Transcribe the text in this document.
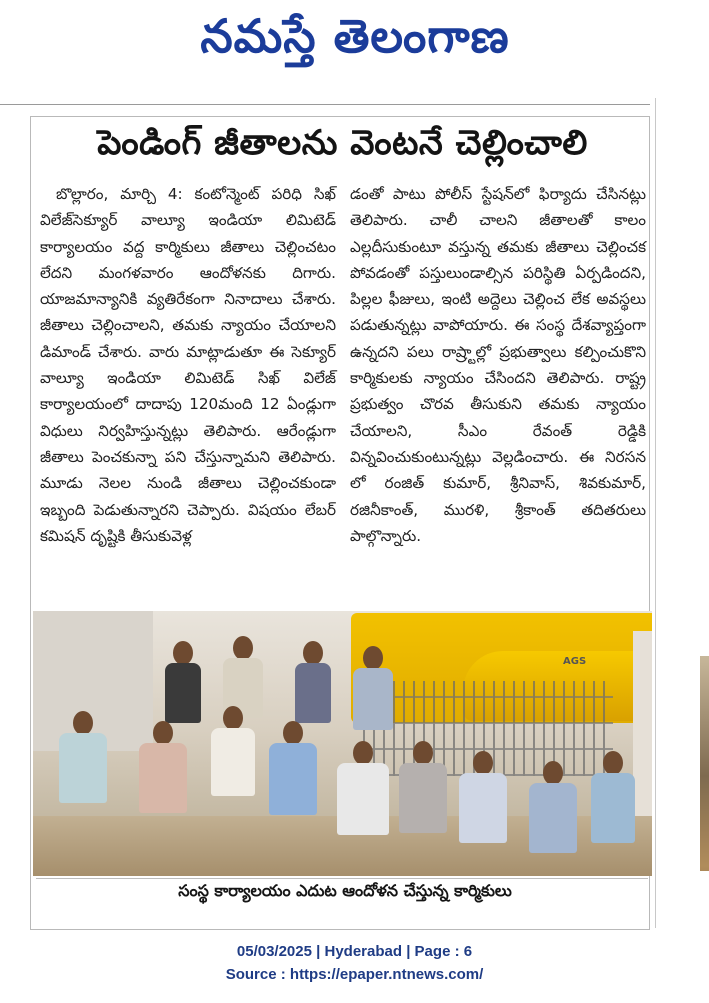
నమస్తే తెలంగాణ
పెండింగ్ జీతాలను వెంటనే చెల్లించాలి
బొల్లారం, మార్చి 4: కంటోన్మెంట్ పరిధి సిఖ్ విలేజ్‌సెక్యూర్ వాల్యూ ఇండియా లిమిటెడ్ కార్యాలయం వద్ద కార్మికులు జీతాలు చెల్లించటం లేదని మంగళవారం ఆందోళనకు దిగారు. యాజమాన్యానికి వ్యతిరేకంగా నినాదాలు చేశారు. జీతాలు చెల్లించాలని, తమకు న్యాయం చేయాలని డిమాండ్ చేశారు. వారు మాట్లాడుతూ ఈ సెక్యూర్ వాల్యూ ఇండియా లిమిటెడ్ సిఖ్ విలేజ్ కార్యాలయంలో దాదాపు 120మంది 12 ఏండ్లుగా విధులు నిర్వహిస్తున్నట్లు తెలిపారు. ఆరేండ్లుగా జీతాలు పెంచకున్నా పని చేస్తున్నామని తెలిపారు. మూడు నెలల నుండి జీతాలు చెల్లించకుండా ఇబ్బంది పెడుతున్నారని చెప్పారు. విషయం లేబర్ కమిషన్ దృష్టికి తీసుకువెళ్ల
డంతో పాటు పోలీస్ స్టేషన్‌లో ఫిర్యాదు చేసినట్లు తెలిపారు. చాలీ చాలని జీతాలతో కాలం ఎల్లదీసుకుంటూ వస్తున్న తమకు జీతాలు చెల్లించక పోవడంతో పస్తులుండాల్సిన పరిస్థితి ఏర్పడిందని, పిల్లల ఫీజులు, ఇంటి అద్దెలు చెల్లించ లేక అవస్థలు పడుతున్నట్లు వాపోయారు. ఈ సంస్థ దేశవ్యాప్తంగా ఉన్నదని పలు రాష్ర్టాల్లో ప్రభుత్వాలు కల్పించుకొని కార్మికులకు న్యాయం చేసిందని తెలిపారు. రాష్ట్ర ప్రభుత్వం చొరవ తీసుకుని తమకు న్యాయం చేయాలని, సీఎం రేవంత్ రెడ్డికి విన్నవించుకుంటున్నట్లు వెల్లడించారు. ఈ నిరసన లో రంజిత్ కుమార్, శ్రీనివాస్, శివకుమార్, రజినీకాంత్, మురళి, శ్రీకాంత్ తదితరులు పాల్గొన్నారు.
AGS
సంస్థ కార్యాలయం ఎదుట ఆందోళన చేస్తున్న కార్మికులు
05/03/2025 | Hyderabad | Page : 6
Source : https://epaper.ntnews.com/
